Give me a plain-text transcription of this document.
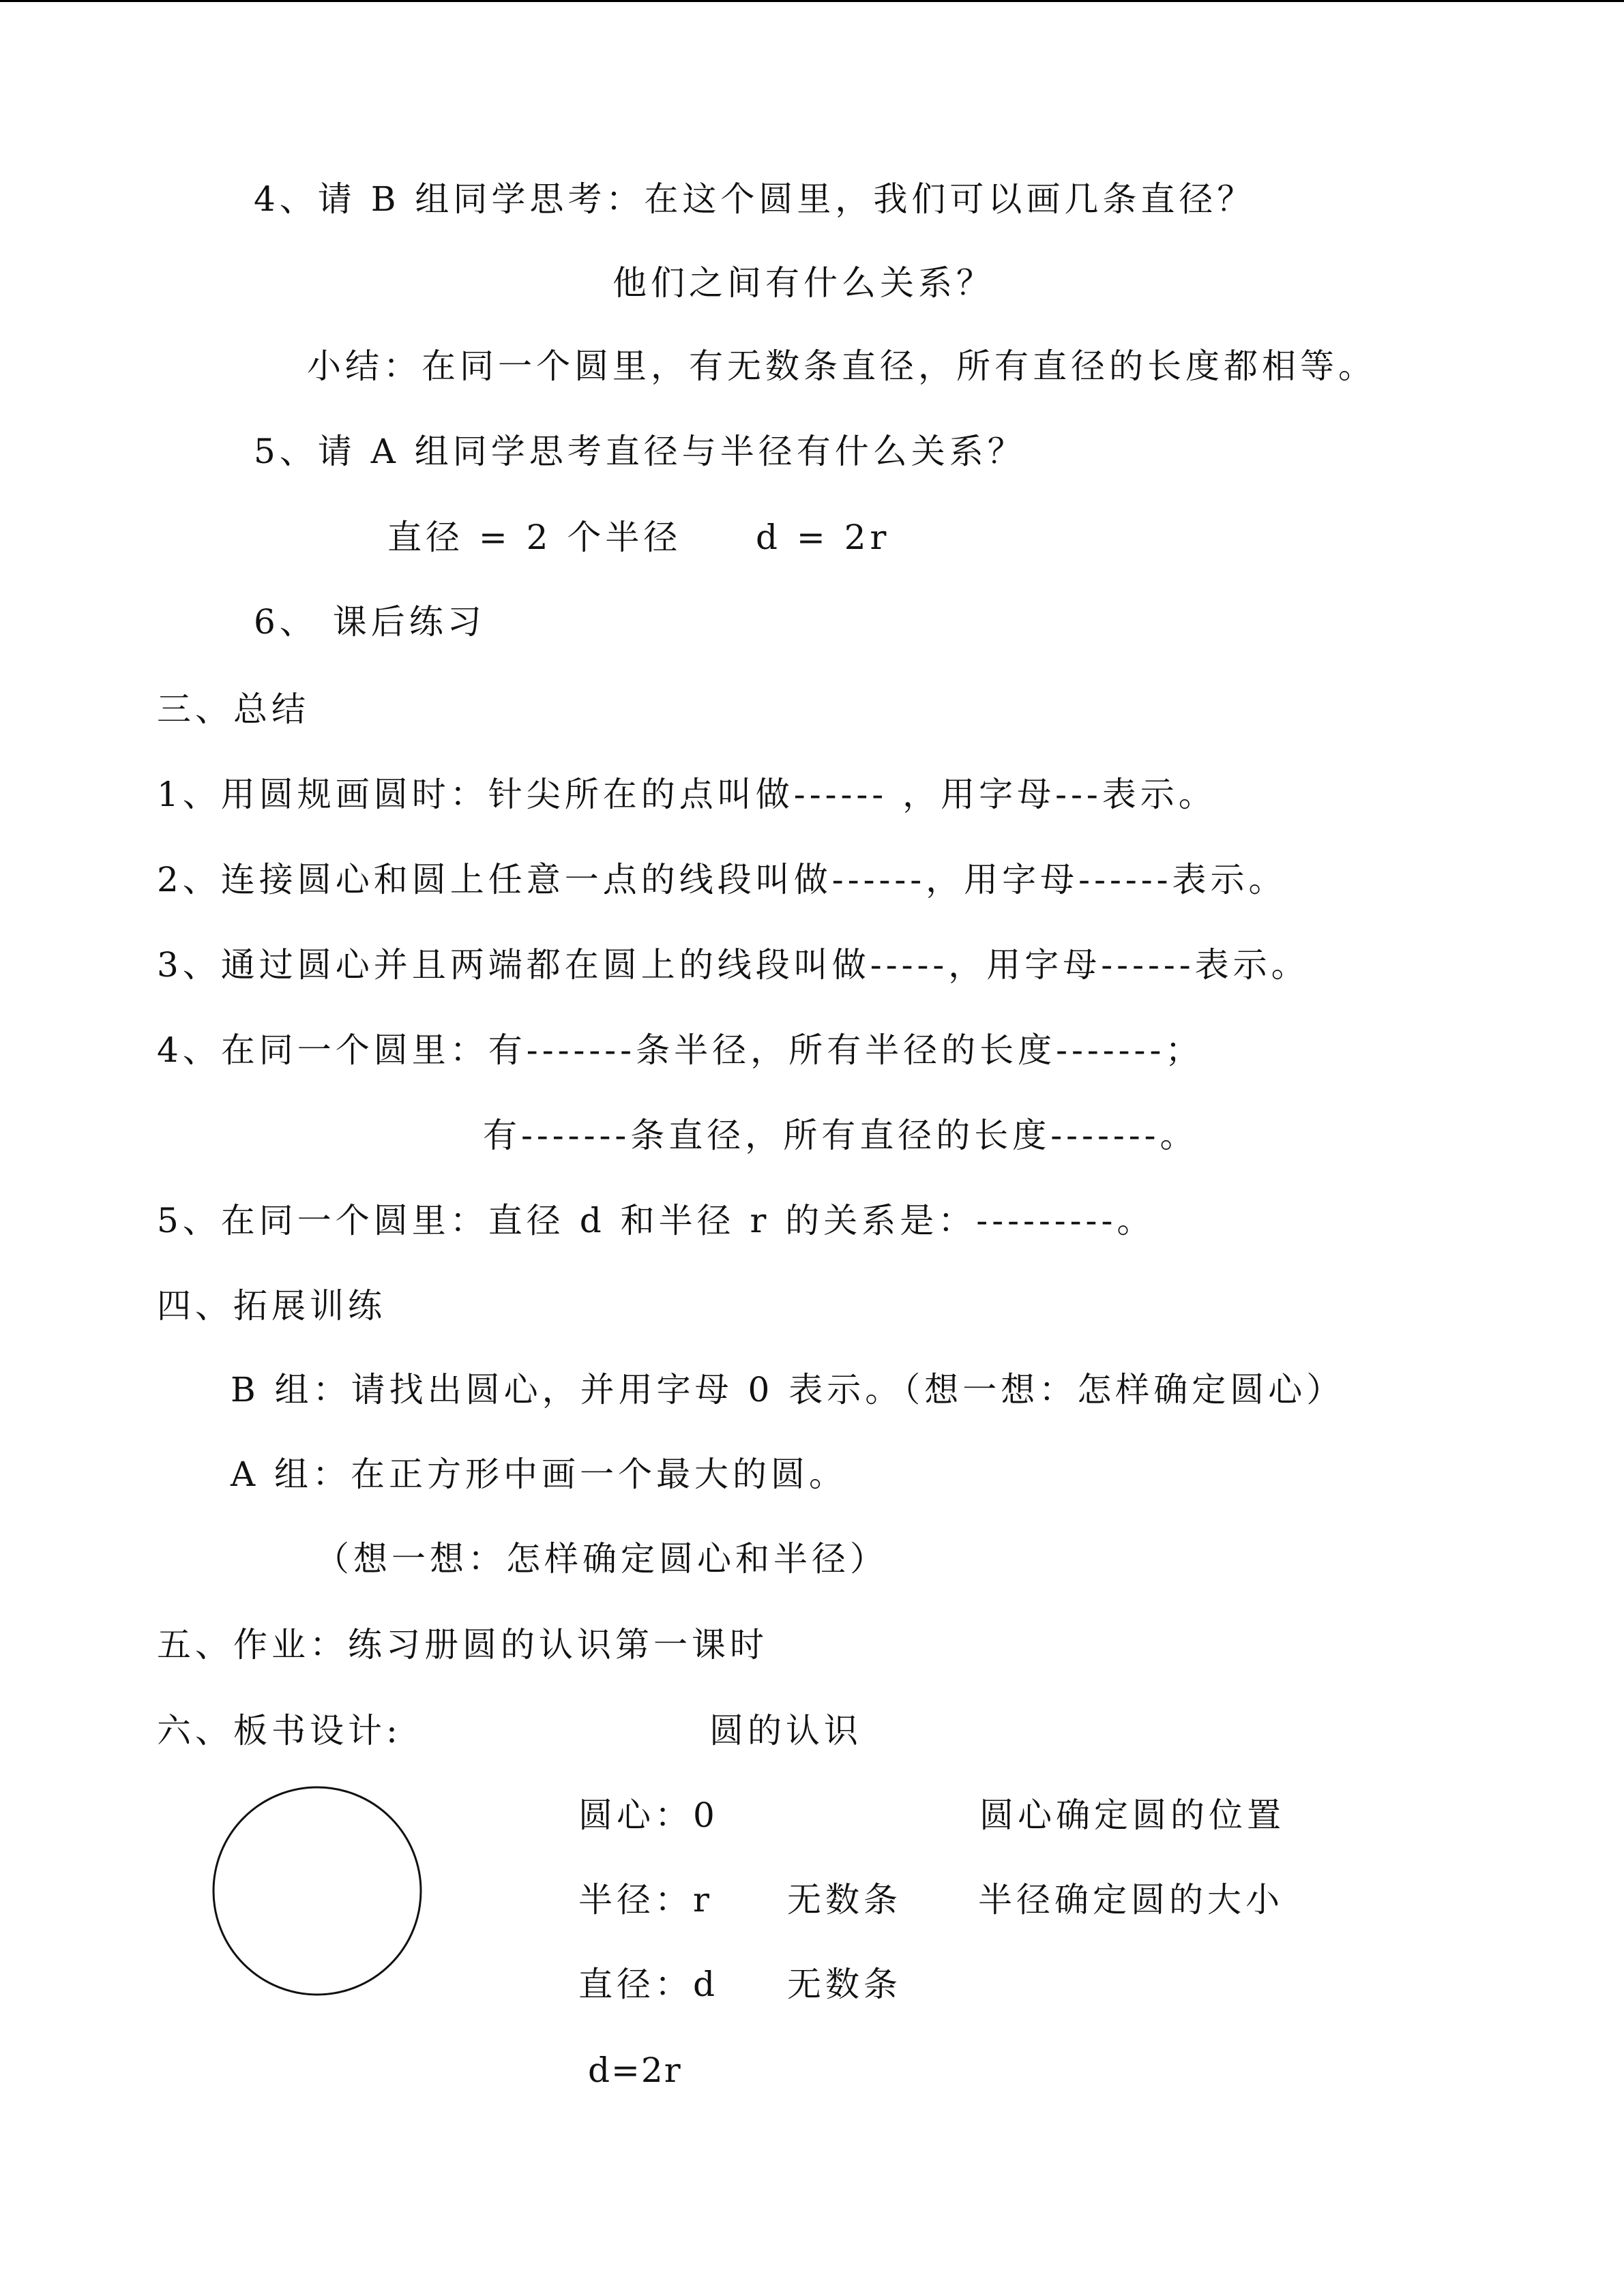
4、请 B 组同学思考：在这个圆里，我们可以画几条直径？
他们之间有什么关系？
小结：在同一个圆里，有无数条直径，所有直径的长度都相等。
5、请 A 组同学思考直径与半径有什么关系？
直径 = 2 个半径 d = 2r
6、 课后练习
三、总结
1、用圆规画圆时：针尖所在的点叫做------ ，用字母---表示。
2、连接圆心和圆上任意一点的线段叫做------，用字母------表示。
3、通过圆心并且两端都在圆上的线段叫做-----，用字母------表示。
4、在同一个圆里：有-------条半径，所有半径的长度-------；
有-------条直径，所有直径的长度-------。
5、在同一个圆里：直径 d 和半径 r 的关系是：---------。
四、拓展训练
B 组：请找出圆心，并用字母 0 表示。（想一想：怎样确定圆心）
A 组：在正方形中画一个最大的圆。
（想一想：怎样确定圆心和半径）
五、作业：练习册圆的认识第一课时
六、板书设计:	圆的认识
圆心：0	圆心确定圆的位置
半径：r 无数条 半径确定圆的大小
直径：d 无数条
d=2r
